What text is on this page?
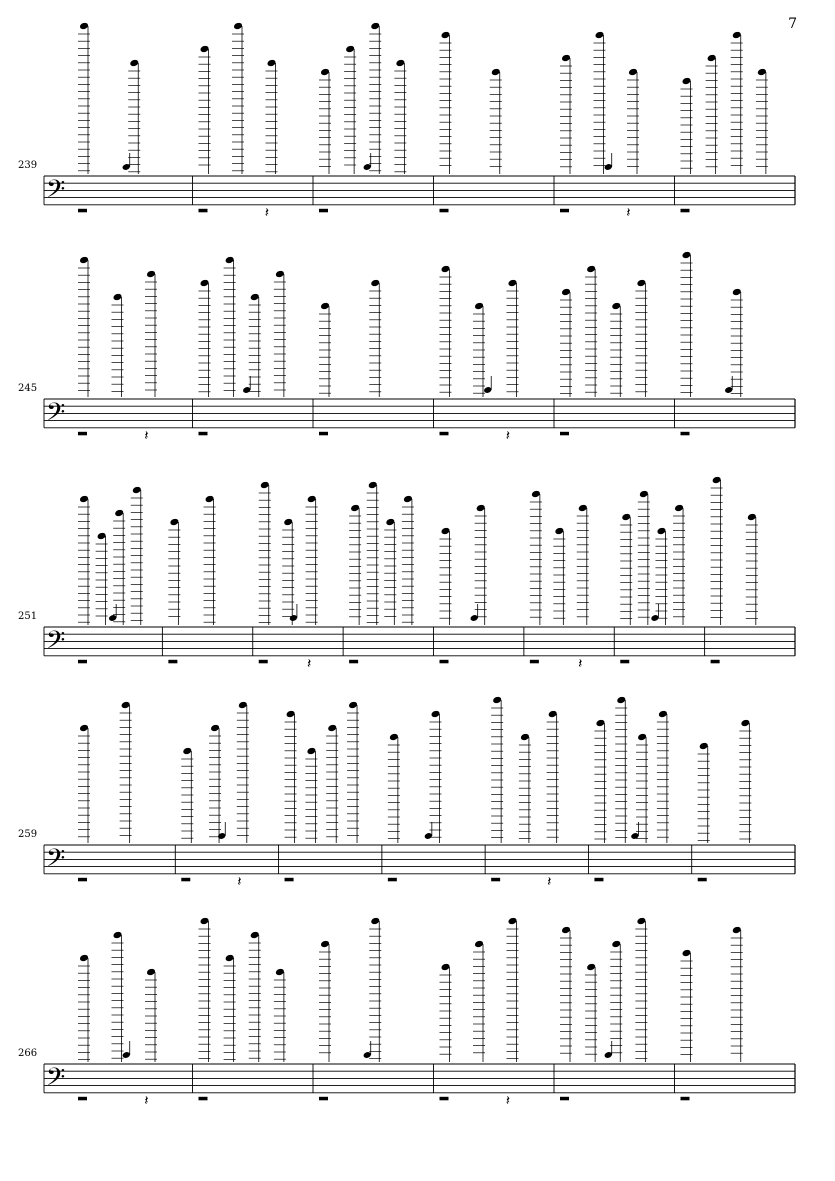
7
239
𝄢
𝄽	𝄽
245
𝄢
𝄽	𝄽
251
𝄢
𝄽	𝄽
259
𝄢
𝄽	𝄽
266
𝄢
𝄽	𝄽
